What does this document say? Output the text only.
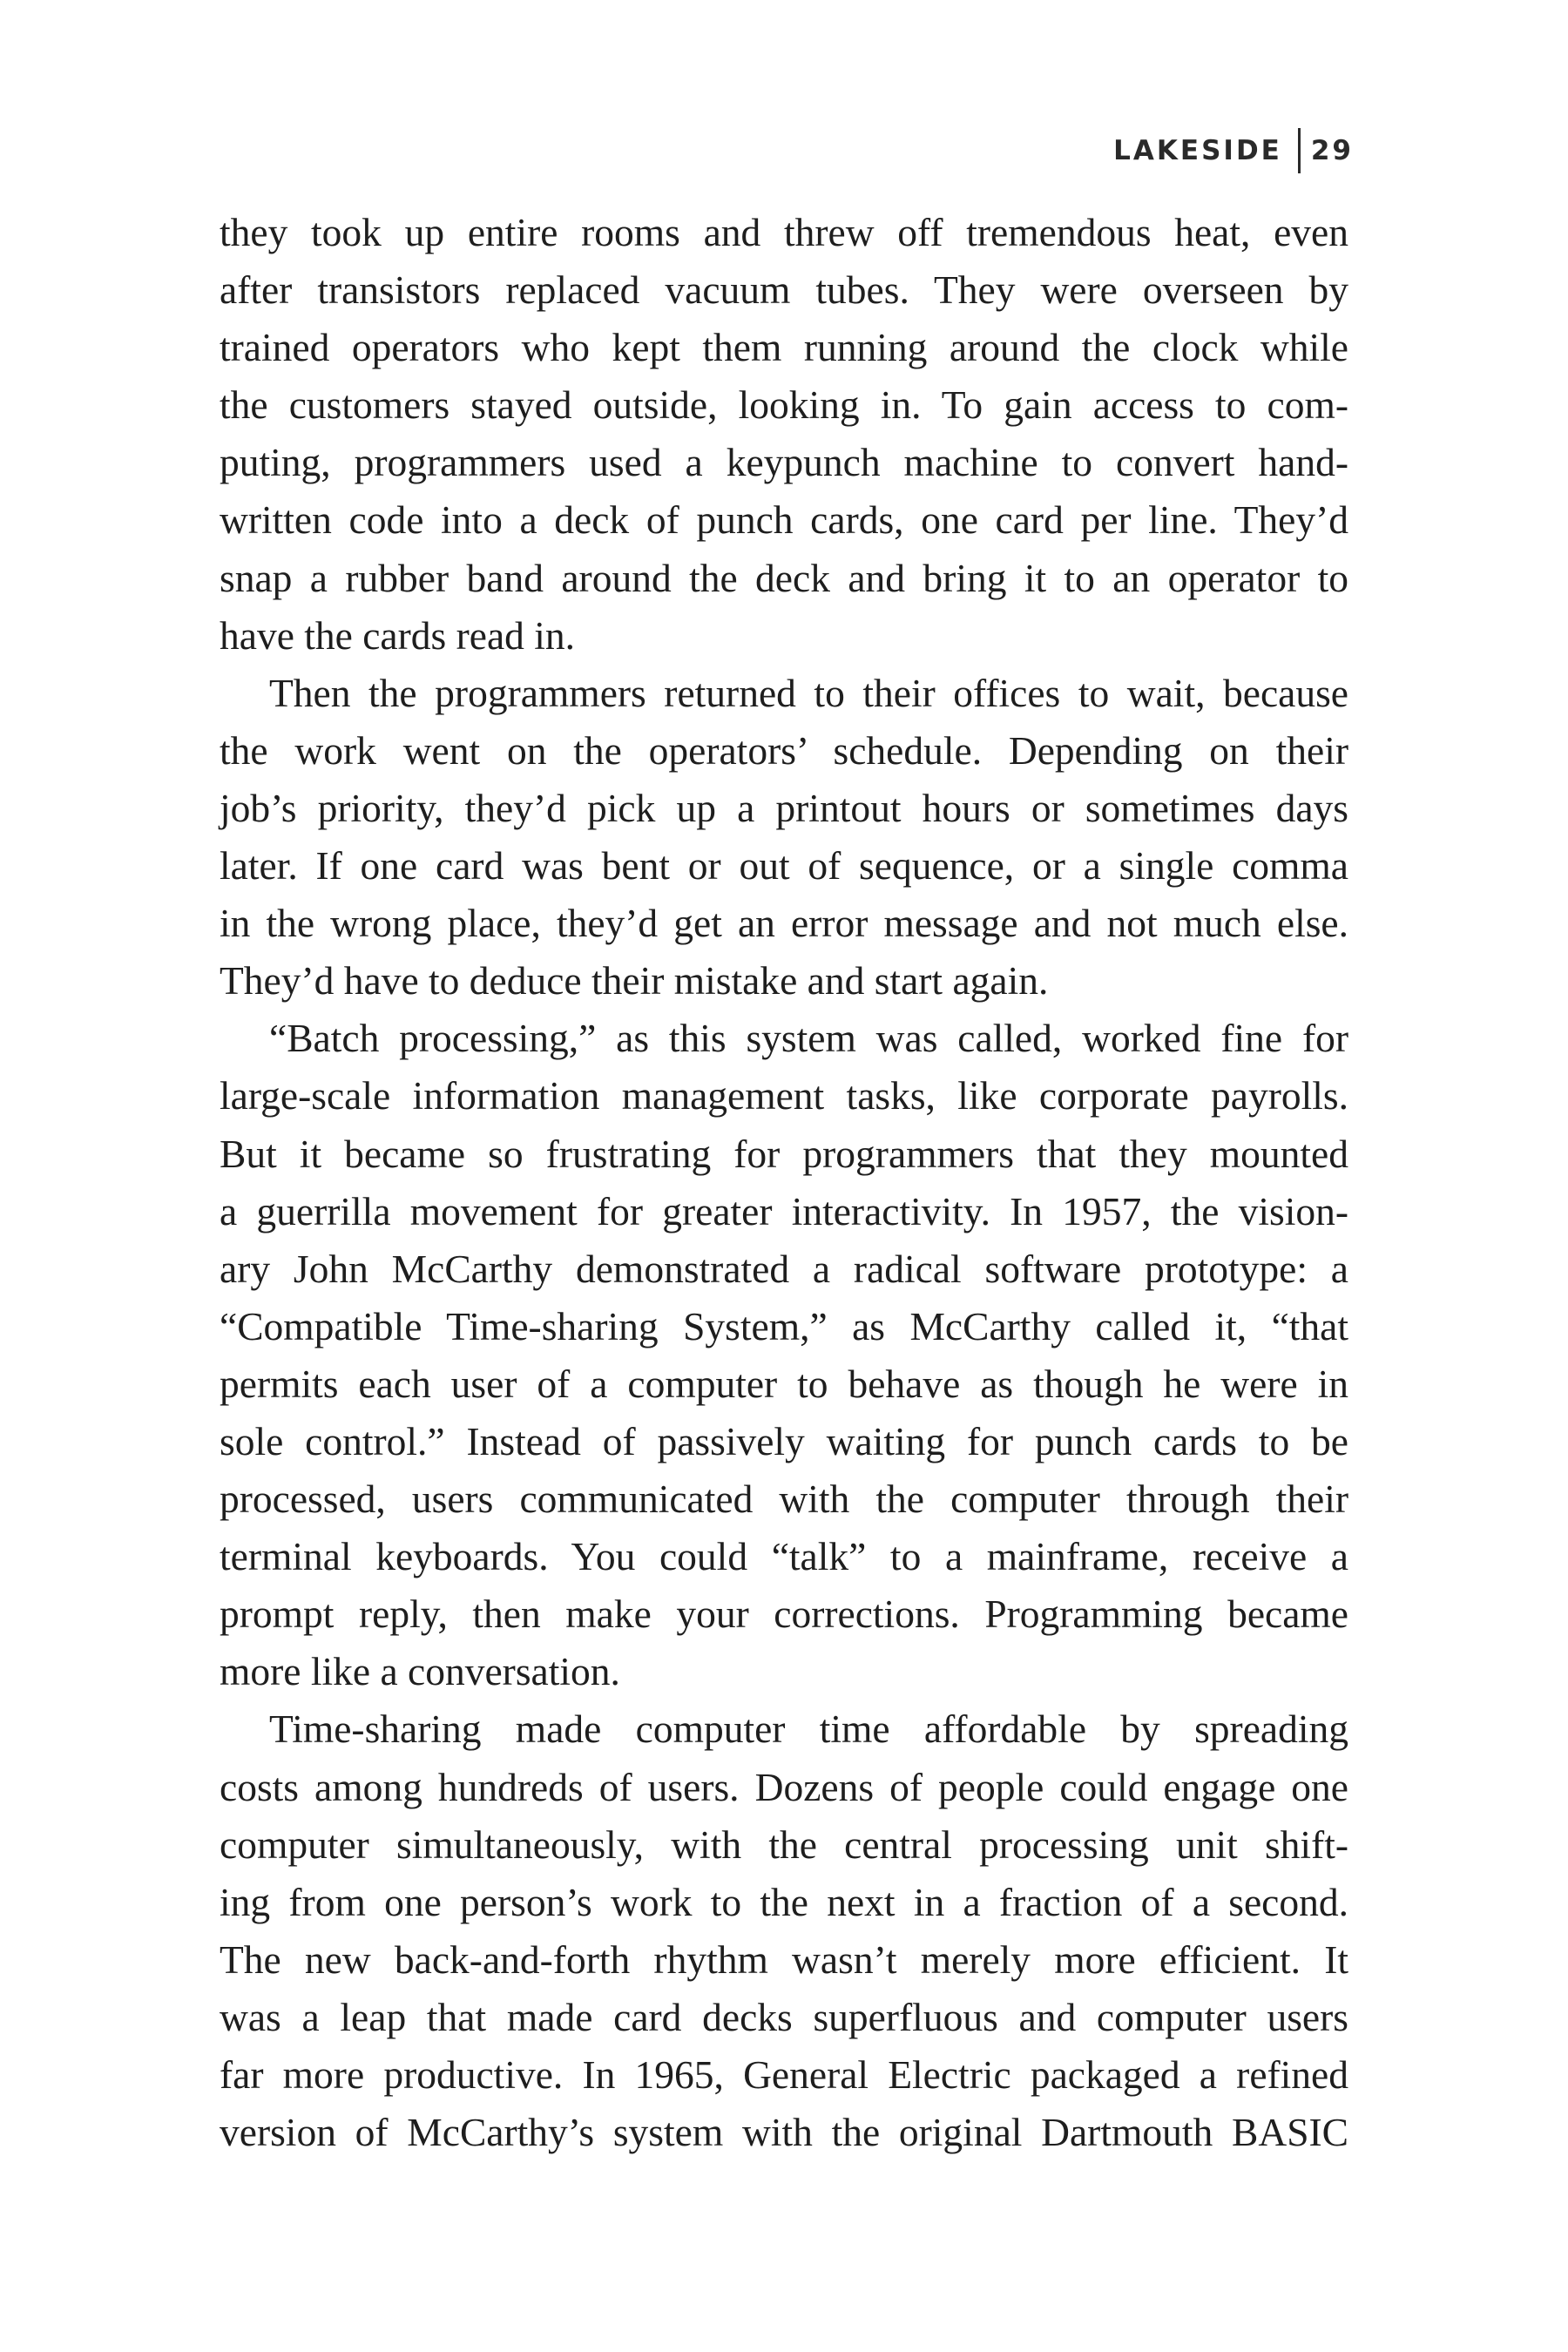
LAKESIDE 29

they took up entire rooms and threw off tremendous heat, even
after transistors replaced vacuum tubes. They were overseen by
trained operators who kept them running around the clock while
the customers stayed outside, looking in. To gain access to com-
puting, programmers used a keypunch machine to convert hand-
written code into a deck of punch cards, one card per line. They’d
snap a rubber band around the deck and bring it to an operator to
have the cards read in.

Then the programmers returned to their offices to wait, because
the work went on the operators’ schedule. Depending on their
job’s priority, they’d pick up a printout hours or sometimes days
later. If one card was bent or out of sequence, or a single comma
in the wrong place, they’d get an error message and not much else.
They’d have to deduce their mistake and start again.

“Batch processing,” as this system was called, worked fine for
large-scale information management tasks, like corporate payrolls.
But it became so frustrating for programmers that they mounted
a guerrilla movement for greater interactivity. In 1957, the vision-
ary John McCarthy demonstrated a radical software prototype: a
“Compatible Time-sharing System,” as McCarthy called it, “that
permits each user of a computer to behave as though he were in
sole control.” Instead of passively waiting for punch cards to be
processed, users communicated with the computer through their
terminal keyboards. You could “talk” to a mainframe, receive a
prompt reply, then make your corrections. Programming became
more like a conversation.

Time-sharing made computer time affordable by spreading
costs among hundreds of users. Dozens of people could engage one
computer simultaneously, with the central processing unit shift-
ing from one person’s work to the next in a fraction of a second.
The new back-and-forth rhythm wasn’t merely more efficient. It
was a leap that made card decks superfluous and computer users
far more productive. In 1965, General Electric packaged a refined
version of McCarthy’s system with the original Dartmouth BASIC
